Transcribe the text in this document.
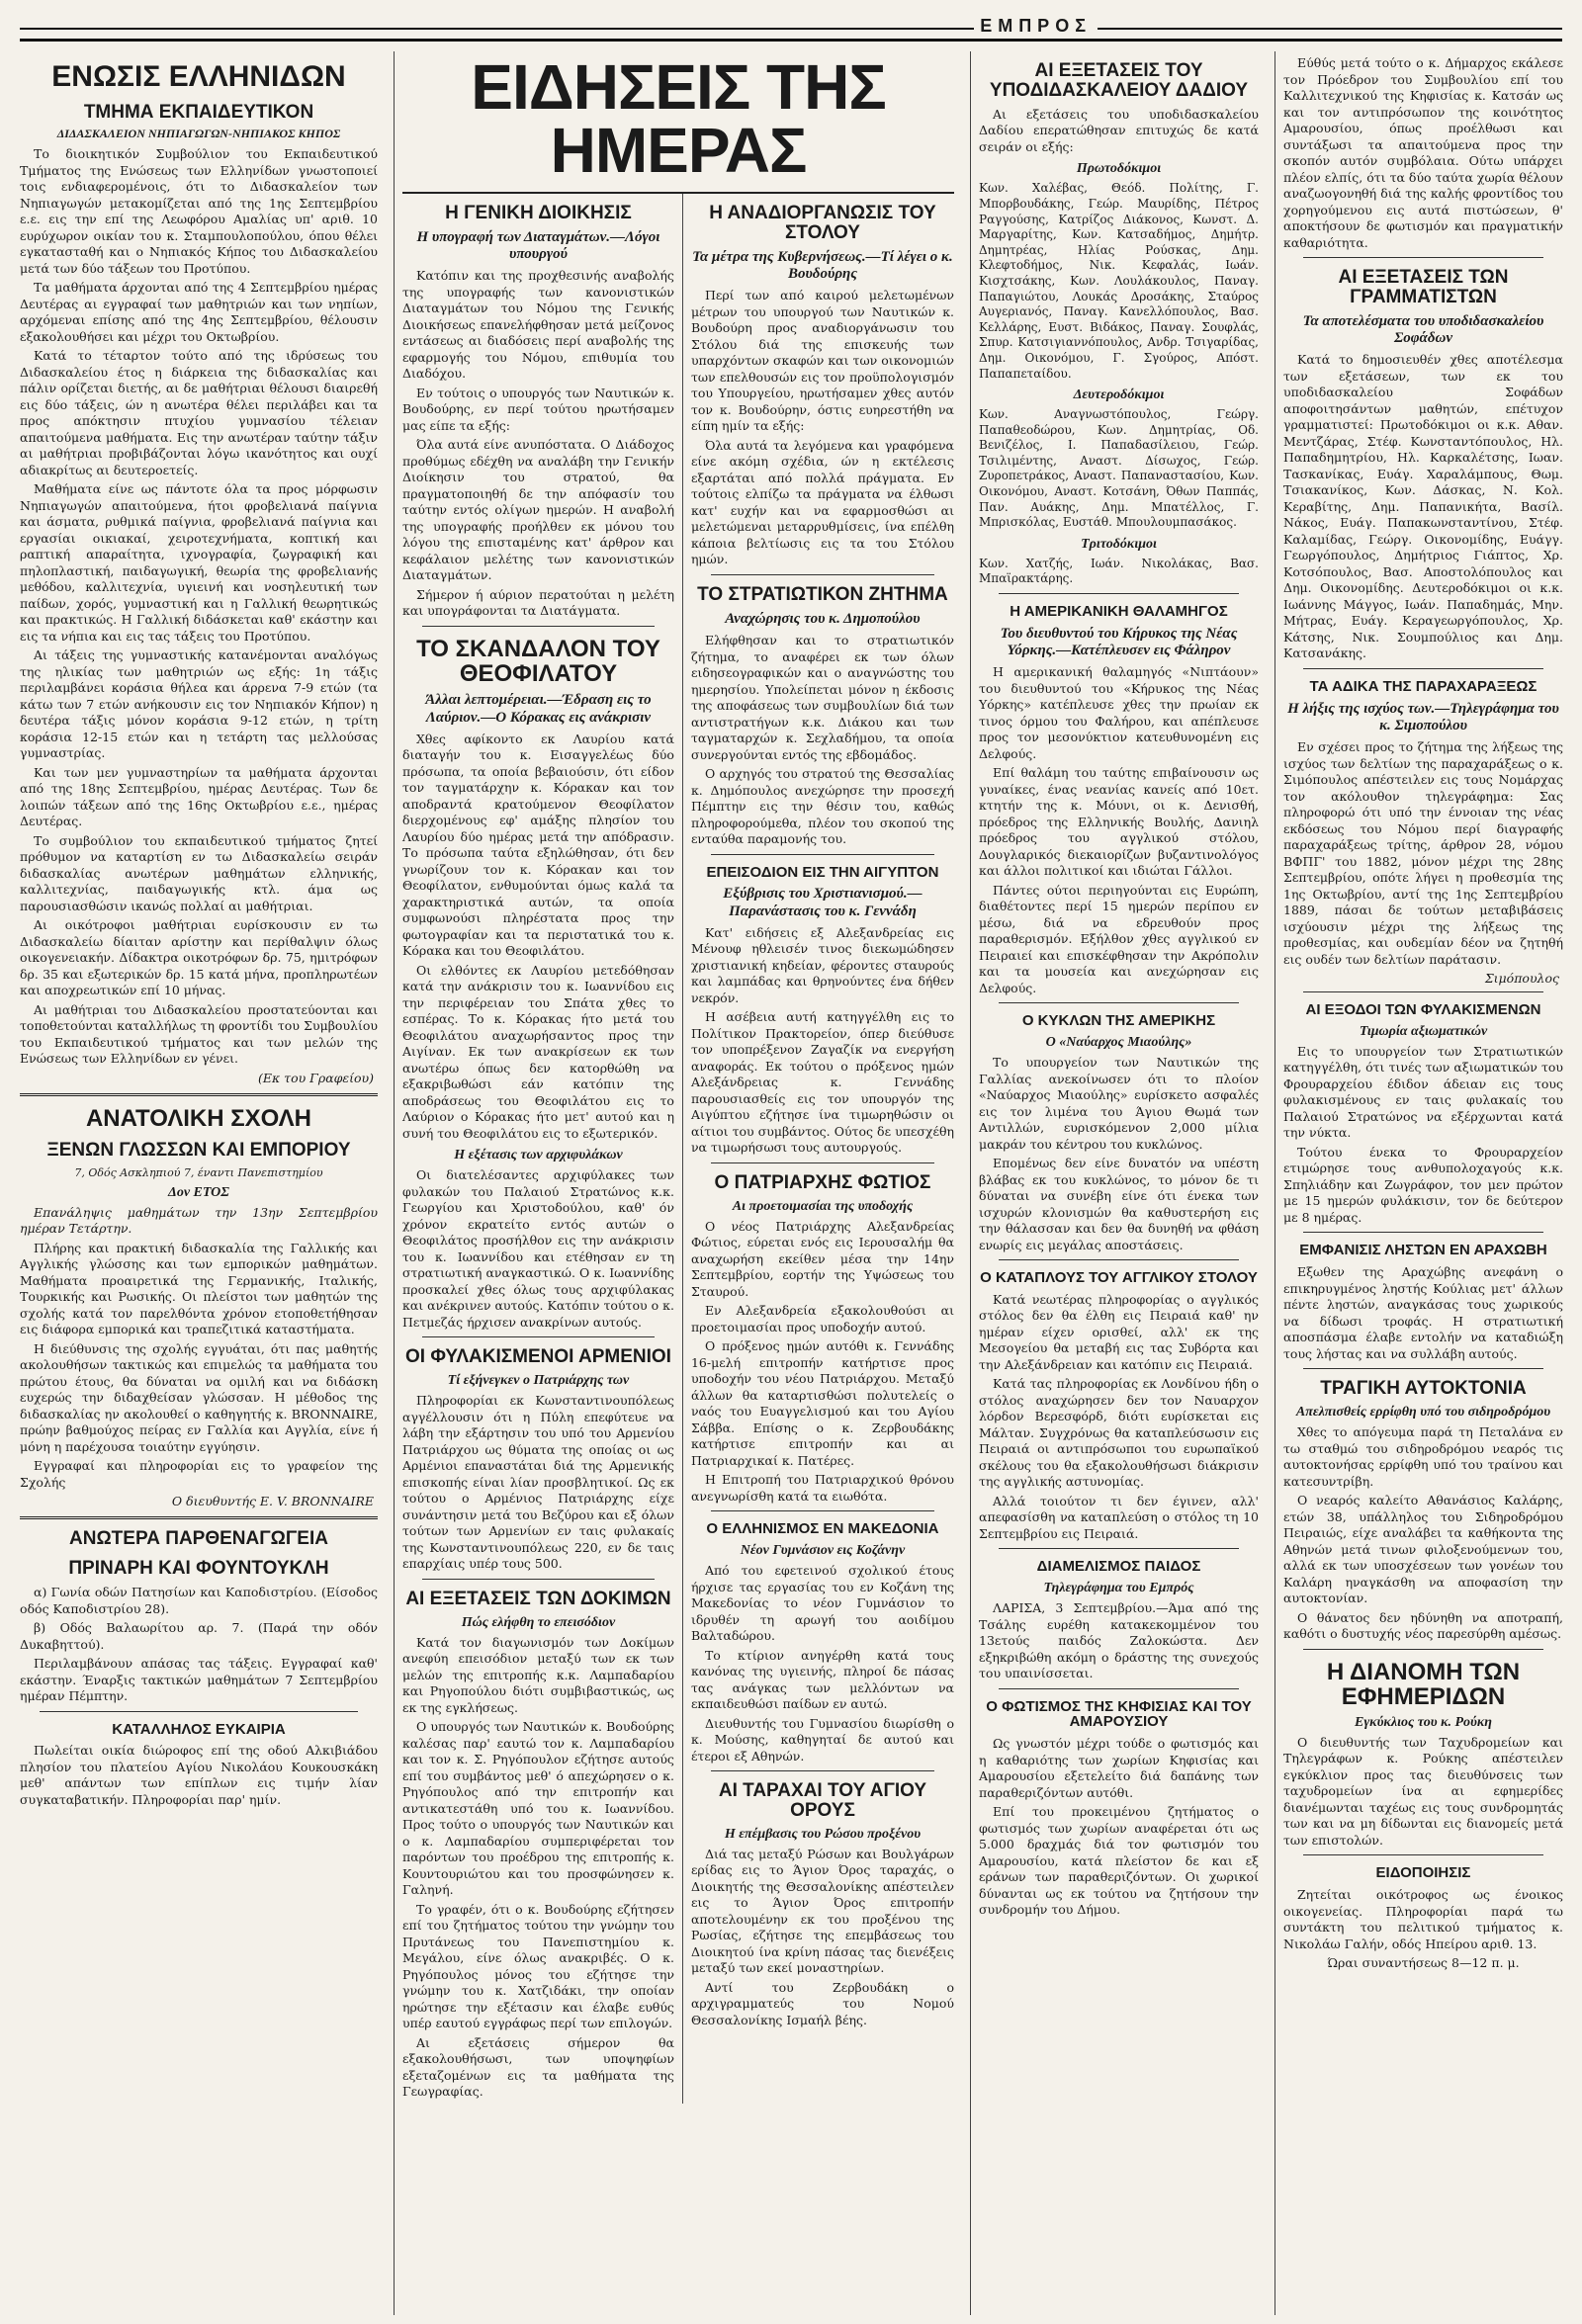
ΕΜΠΡΟΣ
ΕΝΩΣΙΣ ΕΛΛΗΝΙΔΩΝ
ΤΜΗΜΑ ΕΚΠΑΙΔΕΥΤΙΚΟΝ
ΔΙΔΑΣΚΑΛΕΙΟΝ ΝΗΠΙΑΓΩΓΩΝ-ΝΗΠΙΑΚΟΣ ΚΗΠΟΣ

Το διοικητικόν Συμβούλιον του Εκπαιδευτικού Τμήματος της Ενώσεως των Ελληνίδων γνωστοποιεί τοις ενδιαφερομένοις, ότι το Διδασκαλείον των Νηπιαγωγών μετακομίζεται από της 1ης Σεπτεμβρίου ε.ε. εις την επί της Λεωφόρου Αμαλίας υπ' αριθ. 10 ευρύχωρον οικίαν του κ. Σταμπουλοπούλου, όπου θέλει εγκατασταθή και ο Νηπιακός Κήπος του Διδασκαλείου μετά των δύο τάξεων του Προτύπου.

Τα μαθήματα άρχονται από της 4 Σεπτεμβρίου ημέρας Δευτέρας αι εγγραφαί των μαθητριών και των νηπίων, αρχόμεναι επίσης από της 4ης Σεπτεμβρίου, θέλουσιν εξακολουθήσει και μέχρι του Οκτωβρίου.

Κατά το τέταρτον τούτο από της ιδρύσεως του Διδασκαλείου έτος η διάρκεια της διδασκαλίας και πάλιν ορίζεται διετής, αι δε μαθήτριαι θέλουσι διαιρεθή εις δύο τάξεις, ών η ανωτέρα θέλει περιλάβει και τα προς απόκτησιν πτυχίου γυμνασίου τέλειαν απαιτούμενα μαθήματα. Εις την ανωτέραν ταύτην τάξιν αι μαθήτριαι προβιβάζονται λόγω ικανότητος και ουχί αδιακρίτως αι δευτεροετείς.

Μαθήματα είνε ως πάντοτε όλα τα προς μόρφωσιν Νηπιαγωγών απαιτούμενα, ήτοι φροβελιανά παίγνια και άσματα, ρυθμικά παίγνια, φροβελιανά παίγνια και εργασίαι οικιακαί, χειροτεχνήματα, κοπτική και ραπτική απαραίτητα, ιχνογραφία, ζωγραφική και πηλοπλαστική, παιδαγωγική, θεωρία της φροβελιανής μεθόδου, καλλιτεχνία, υγιεινή και νοσηλευτική των παίδων, χορός, γυμναστική και η Γαλλική θεωρητικώς και πρακτικώς. Η Γαλλική διδάσκεται καθ' εκάστην και εις τα νήπια και εις τας τάξεις του Προτύπου.

Αι τάξεις της γυμναστικής κατανέμονται αναλόγως της ηλικίας των μαθητριών ως εξής: 1η τάξις περιλαμβάνει κοράσια θήλεα και άρρενα 7-9 ετών (τα κάτω των 7 ετών ανήκουσιν εις τον Νηπιακόν Κήπον) η δευτέρα τάξις μόνον κοράσια 9-12 ετών, η τρίτη κοράσια 12-15 ετών και η τετάρτη τας μελλούσας γυμναστρίας.

Και των μεν γυμναστηρίων τα μαθήματα άρχονται από της 18ης Σεπτεμβρίου, ημέρας Δευτέρας. Των δε λοιπών τάξεων από της 16ης Οκτωβρίου ε.ε., ημέρας Δευτέρας.

Το συμβούλιον του εκπαιδευτικού τμήματος ζητεί πρόθυμον να καταρτίση εν τω Διδασκαλείω σειράν διδασκαλίας ανωτέρων μαθημάτων ελληνικής, καλλιτεχνίας, παιδαγωγικής κτλ. άμα ως παρουσιασθώσιν ικανώς πολλαί αι μαθήτριαι.

Αι οικότροφοι μαθήτριαι ευρίσκουσιν εν τω Διδασκαλείω δίαιταν αρίστην και περίθαλψιν όλως οικογενειακήν. Δίδακτρα οικοτρόφων δρ. 75, ημιτρόφων δρ. 35 και εξωτερικών δρ. 15 κατά μήνα, προπληρωτέων και αποχρεωτικών επί 10 μήνας.

Αι μαθήτριαι του Διδασκαλείου προστατεύονται και τοποθετούνται καταλλήλως τη φροντίδι του Συμβουλίου του Εκπαιδευτικού τμήματος και των μελών της Ενώσεως των Ελληνίδων εν γένει.

(Εκ του Γραφείου)

ΑΝΑΤΟΛΙΚΗ ΣΧΟΛΗ
ΞΕΝΩΝ ΓΛΩΣΣΩΝ ΚΑΙ ΕΜΠΟΡΙΟΥ

7, Οδός Ασκληπιού 7, έναντι Πανεπιστημίου

Δον ΕΤΟΣ

Επανάληψις μαθημάτων την 13ην Σεπτεμβρίου ημέραν Τετάρτην.

Πλήρης και πρακτική διδασκαλία της Γαλλικής και Αγγλικής γλώσσης και των εμπορικών μαθημάτων. Μαθήματα προαιρετικά της Γερμανικής, Ιταλικής, Τουρκικής και Ρωσικής. Οι πλείστοι των μαθητών της σχολής κατά τον παρελθόντα χρόνον ετοποθετήθησαν εις διάφορα εμπορικά και τραπεζιτικά καταστήματα.

Η διεύθυνσις της σχολής εγγυάται, ότι πας μαθητής ακολουθήσων τακτικώς και επιμελώς τα μαθήματα του πρώτου έτους, θα δύναται να ομιλή και να διδάσκη ευχερώς την διδαχθείσαν γλώσσαν. Η μέθοδος της διδασκαλίας ην ακολουθεί ο καθηγητής κ. BRONNAIRE, πρώην βαθμούχος πείρας εν Γαλλία και Αγγλία, είνε ή μόνη η παρέχουσα τοιαύτην εγγύησιν.

Εγγραφαί και πληροφορίαι εις το γραφείον της Σχολής

Ο διευθυντής E. V. BRONNAIRE

ΑΝΩΤΕΡΑ ΠΑΡΘΕΝΑΓΩΓΕΙΑ
ΠΡΙΝΑΡΗ ΚΑΙ ΦΟΥΝΤΟΥΚΛΗ

α) Γωνία οδών Πατησίων και Καποδιστρίου. (Είσοδος οδός Καποδιστρίου 28).

β) Οδός Βαλαωρίτου αρ. 7. (Παρά την οδόν Δυκαβηττού).

Περιλαμβάνουν απάσας τας τάξεις. Εγγραφαί καθ' εκάστην. Έναρξις τακτικών μαθημάτων 7 Σεπτεμβρίου ημέραν Πέμπτην.

ΚΑΤΑΛΛΗΛΟΣ ΕΥΚΑΙΡΙΑ

Πωλείται οικία διώροφος επί της οδού Αλκιβιάδου πλησίον του πλατείου Αγίου Νικολάου Κουκουσκάκη μεθ' απάντων των επίπλων εις τιμήν λίαν συγκαταβατικήν. Πληροφορίαι παρ' ημίν.

ΕΙΔΗΣΕΙΣ ΤΗΣ ΗΜΕΡΑΣ
Η ΓΕΝΙΚΗ ΔΙΟΙΚΗΣΙΣ
Η υπογραφή των Διαταγμάτων.—Λόγοι υπουργού

Κατόπιν και της προχθεσινής αναβολής της υπογραφής των κανονιστικών Διαταγμάτων του Νόμου της Γενικής Διοικήσεως επανελήφθησαν μετά μείζονος εντάσεως αι διαδόσεις περί αναβολής της εφαρμογής του Νόμου, επιθυμία του Διαδόχου.

Εν τούτοις ο υπουργός των Ναυτικών κ. Βουδούρης, εν περί τούτου ηρωτήσαμεν μας είπε τα εξής:

Όλα αυτά είνε ανυπόστατα. Ο Διάδοχος προθύμως εδέχθη να αναλάβη την Γενικήν Διοίκησιν του στρατού, θα πραγματοποιηθή δε την απόφασίν του ταύτην εντός ολίγων ημερών. Η αναβολή της υπογραφής προήλθεν εκ μόνου του λόγου της επισταμένης κατ' άρθρον και κεφάλαιον μελέτης των κανονιστικών Διαταγμάτων.

Σήμερον ή αύριον περατούται η μελέτη και υπογράφονται τα Διατάγματα.

ΤΟ ΣΚΑΝΔΑΛΟΝ ΤΟΥ ΘΕΟΦΙΛΑΤΟΥ
Άλλαι λεπτομέρειαι.—Έδραση εις το Λαύριον.—Ο Κόρακας εις ανάκρισιν

Χθες αφίκοντο εκ Λαυρίου κατά διαταγήν του κ. Εισαγγελέως δύο πρόσωπα, τα οποία βεβαιούσιν, ότι είδον τον ταγματάρχην κ. Κόρακαν και τον αποδραντά κρατούμενον Θεοφίλατον διερχομένους εφ' αμάξης πλησίον του Λαυρίου δύο ημέρας μετά την απόδρασιν. Το πρόσωπα ταύτα εξηλώθησαν, ότι δεν γνωρίζουν τον κ. Κόρακαν και τον Θεοφίλατον, ενθυμούνται όμως καλά τα χαρακτηριστικά αυτών, τα οποία συμφωνούσι πληρέστατα προς την φωτογραφίαν και τα περιστατικά του κ. Κόρακα και του Θεοφιλάτου.

Οι ελθόντες εκ Λαυρίου μετεδόθησαν κατά την ανάκρισιν του κ. Ιωαννίδου εις την περιφέρειαν του Σπάτα χθες το εσπέρας. Το κ. Κόρακας ήτο μετά του Θεοφιλάτου αναχωρήσαντος προς την Αιγίναν. Εκ των ανακρίσεων εκ των ανωτέρω όπως δεν κατορθώθη να εξακριβωθώσι εάν κατόπιν της αποδράσεως του Θεοφιλάτου εις το Λαύριον ο Κόρακας ήτο μετ' αυτού και η συνή του Θεοφιλάτου εις το εξωτερικόν.

Η εξέτασις των αρχιφυλάκων

Οι διατελέσαντες αρχιφύλακες των φυλακών του Παλαιού Στρατώνος κ.κ. Γεωργίου και Χριστοδούλου, καθ' όν χρόνον εκρατείτο εντός αυτών ο Θεοφιλάτος προσήλθον εις την ανάκρισιν του κ. Ιωαννίδου και ετέθησαν εν τη στρατιωτική αναγκαστικώ. Ο κ. Ιωαννίδης προσκαλεί χθες όλως τους αρχιφύλακας και ανέκρινεν αυτούς. Κατόπιν τούτου ο κ. Πετμεζάς ήρχισεν ανακρίνων αυτούς.

ΟΙ ΦΥΛΑΚΙΣΜΕΝΟΙ ΑΡΜΕΝΙΟΙ
Τί εξήνεγκεν ο Πατριάρχης των

Πληροφορίαι εκ Κωνσταντινουπόλεως αγγέλλουσιν ότι η Πύλη επεφύτευε να λάβη την εξάρτησιν του υπό του Αρμενίου Πατριάρχου ως θύματα της οποίας οι ως Αρμένιοι επαναστάται διά της Αρμενικής επισκοπής είναι λίαν προσβλητικοί. Ως εκ τούτου ο Αρμένιος Πατριάρχης είχε συνάντησιν μετά του Βεζύρου και εξ όλων τούτων των Αρμενίων εν ταις φυλακαίς της Κωνσταντινουπόλεως 220, εν δε ταις επαρχίαις υπέρ τους 500.

ΑΙ ΕΞΕΤΑΣΕΙΣ ΤΩΝ ΔΟΚΙΜΩΝ
Πώς ελήφθη το επεισόδιον

Κατά τον διαγωνισμόν των Δοκίμων ανεφύη επεισόδιον μεταξύ των εκ των μελών της επιτροπής κ.κ. Λαμπαδαρίου και Ρηγοπούλου διότι συμβιβαστικώς, ως εκ της εγκλήσεως.

Ο υπουργός των Ναυτικών κ. Βουδούρης καλέσας παρ' εαυτώ τον κ. Λαμπαδαρίου και τον κ. Σ. Ρηγόπουλον εζήτησε αυτούς επί του συμβάντος μεθ' ό απεχώρησεν ο κ. Ρηγόπουλος από την επιτροπήν και αντικατεστάθη υπό του κ. Ιωαννίδου. Προς τούτο ο υπουργός των Ναυτικών και ο κ. Λαμπαδαρίου συμπεριφέρεται τον παρόντων του προέδρου της επιτροπής κ. Κουντουριώτου και του προσφώνησεν κ. Γαληνή.

Το γραφέν, ότι ο κ. Βουδούρης εζήτησεν επί του ζητήματος τούτου την γνώμην του Πρυτάνεως του Πανεπιστημίου κ. Μεγάλου, είνε όλως ανακριβές. Ο κ. Ρηγόπουλος μόνος του εζήτησε την γνώμην του κ. Χατζιδάκι, την οποίαν ηρώτησε την εξέτασιν και έλαβε ευθύς υπέρ εαυτού εγγράφως περί των επιλογών.

Αι εξετάσεις σήμερον θα εξακολουθήσωσι, των υποψηφίων εξεταζομένων εις τα μαθήματα της Γεωγραφίας.

Η ΑΝΑΔΙΟΡΓΑΝΩΣΙΣ ΤΟΥ ΣΤΟΛΟΥ
Τα μέτρα της Κυβερνήσεως.—Τί λέγει ο κ. Βουδούρης

Περί των από καιρού μελετωμένων μέτρων του υπουργού των Ναυτικών κ. Βουδούρη προς αναδιοργάνωσιν του Στόλου διά της επισκευής των υπαρχόντων σκαφών και των οικονομιών των επελθουσών εις τον προϋπολογισμόν του Υπουργείου, ηρωτήσαμεν χθες αυτόν τον κ. Βουδούρην, όστις ευηρεστήθη να είπη ημίν τα εξής:

Όλα αυτά τα λεγόμενα και γραφόμενα είνε ακόμη σχέδια, ών η εκτέλεσις εξαρτάται από πολλά πράγματα. Εν τούτοις ελπίζω τα πράγματα να έλθωσι κατ' ευχήν και να εφαρμοσθώσι αι μελετώμεναι μεταρρυθμίσεις, ίνα επέλθη κάποια βελτίωσις εις τα του Στόλου ημών.

ΤΟ ΣΤΡΑΤΙΩΤΙΚΟΝ ΖΗΤΗΜΑ
Αναχώρησις του κ. Δημοπούλου

Ελήφθησαν και το στρατιωτικόν ζήτημα, το αναφέρει εκ των όλων ειδησεογραφικών και ο αναγνώστης του ημερησίου. Υπολείπεται μόνον η έκδοσις της αποφάσεως των συμβουλίων διά των αντιστρατήγων κ.κ. Διάκου και των ταγματαρχών κ. Σεχλαδήμου, τα οποία συνεργούνται εντός της εβδομάδος.

Ο αρχηγός του στρατού της Θεσσαλίας κ. Δημόπουλος ανεχώρησε την προσεχή Πέμπτην εις την θέσιν του, καθώς πληροφορούμεθα, πλέον του σκοπού της ενταύθα παραμονής του.

ΕΠΕΙΣΟΔΙΟΝ ΕΙΣ ΤΗΝ ΑΙΓΥΠΤΟΝ
Εξύβρισις του Χριστιανισμού.—Παρανάστασις του κ. Γεννάδη

Κατ' ειδήσεις εξ Αλεξανδρείας εις Μένουφ ηθλεισέν τινος διεκωμώδησεν χριστιανική κηδείαν, φέροντες σταυρούς και λαμπάδας και θρηνούντες ένα δήθεν νεκρόν.

Η ασέβεια αυτή κατηγγέλθη εις το Πολίτικον Πρακτορείον, όπερ διεύθυσε τον υποπρέξενον Ζαγαζίκ να ενεργήση αναφοράς. Εκ τούτου ο πρόξενος ημών Αλεξάνδρειας κ. Γεννάδης παρουσιασθείς εις τον υπουργόν της Αιγύπτου εζήτησε ίνα τιμωρηθώσιν οι αίτιοι του συμβάντος. Ούτος δε υπεσχέθη να τιμωρήσωσι τους αυτουργούς.

Ο ΠΑΤΡΙΑΡΧΗΣ ΦΩΤΙΟΣ
Αι προετοιμασίαι της υποδοχής

Ο νέος Πατριάρχης Αλεξανδρείας Φώτιος, εύρεται ενός εις Ιερουσαλήμ θα αναχωρήση εκείθεν μέσα την 14ην Σεπτεμβρίου, εορτήν της Υψώσεως του Σταυρού.

Εν Αλεξανδρεία εξακολουθούσι αι προετοιμασίαι προς υποδοχήν αυτού.

Ο πρόξενος ημών αυτόθι κ. Γεννάδης 16-μελή επιτροπήν κατήρτισε προς υποδοχήν του νέου Πατριάρχου. Μεταξύ άλλων θα καταρτισθώσι πολυτελείς ο ναός του Ευαγγελισμού και του Αγίου Σάββα. Επίσης ο κ. Ζερβουδάκης κατήρτισε επιτροπήν και αι Πατριαρχικαί κ. Πατέρες.

Η Επιτροπή του Πατριαρχικού θρόνου ανεγνωρίσθη κατά τα ειωθότα.

Ο ΕΛΛΗΝΙΣΜΟΣ ΕΝ ΜΑΚΕΔΟΝΙΑ
Νέον Γυμνάσιον εις Κοζάνην

Από του εφετεινού σχολικού έτους ήρχισε τας εργασίας του εν Κοζάνη της Μακεδονίας το νέον Γυμνάσιον το ιδρυθέν τη αρωγή του αοιδίμου Βαλταδώρου.

Το κτίριον ανηγέρθη κατά τους κανόνας της υγιεινής, πληροί δε πάσας τας ανάγκας των μελλόντων να εκπαιδευθώσι παίδων εν αυτώ.

Διευθυντής του Γυμνασίου διωρίσθη ο κ. Μούσης, καθηγηταί δε αυτού και έτεροι εξ Αθηνών.

ΑΙ ΤΑΡΑΧΑΙ ΤΟΥ ΑΓΙΟΥ ΟΡΟΥΣ
Η επέμβασις του Ρώσου προξένου

Διά τας μεταξύ Ρώσων και Βουλγάρων ερίδας εις το Άγιον Όρος ταραχάς, ο Διοικητής της Θεσσαλονίκης απέστειλεν εις το Άγιον Όρος επιτροπήν αποτελουμένην εκ του προξένου της Ρωσίας, εζήτησε της επεμβάσεως του Διοικητού ίνα κρίνη πάσας τας διενέξεις μεταξύ των εκεί μοναστηρίων.

Αντί του Ζερβουδάκη ο αρχιγραμματεύς του Νομού Θεσσαλονίκης Ισμαήλ βέης.

ΑΙ ΕΞΕΤΑΣΕΙΣ ΤΟΥ ΥΠΟΔΙΔΑΣΚΑΛΕΙΟΥ ΔΑΔΙΟΥ

Αι εξετάσεις του υποδιδασκαλείου Δαδίου επερατώθησαν επιτυχώς δε κατά σειράν οι εξής:

Πρωτοδόκιμοι

Κων. Χαλέβας, Θεόδ. Πολίτης, Γ. Μπορβουδάκης, Γεώρ. Μαυρίδης, Πέτρος Ραγγούσης, Κατρίζος Διάκονος, Κωνστ. Δ. Μαργαρίτης, Κων. Κατσαδήμος, Δημήτρ. Δημητρέας, Ηλίας Ρούσκας, Δημ. Κλεφτοδήμος, Νικ. Κεφαλάς, Ιωάν. Κισχτσάκης, Κων. Λουλάκουλος, Παναγ. Παπαγιώτου, Λουκάς Δροσάκης, Σταύρος Αυγεριανός, Παναγ. Κανελλόπουλος, Βασ. Κελλάρης, Ευστ. Βιδάκος, Παναγ. Σουφλάς, Σπυρ. Κατσιγιαννόπουλος, Ανδρ. Τσιγαρίδας, Δημ. Οικονόμου, Γ. Σγούρος, Απόστ. Παπαπεταίδου.

Δευτεροδόκιμοι

Κων. Αναγνωστόπουλος, Γεώργ. Παπαθεοδώρου, Κων. Δημητρίας, Οδ. Βενιζέλος, Ι. Παπαδασίλειου, Γεώρ. Τσιλιμέντης, Αναστ. Δίσωχος, Γεώρ. Ζυροπετράκος, Αναστ. Παπαναστασίου, Κων. Οικονόμου, Αναστ. Κοτσάνη, Όθων Παππάς, Παν. Αυάκης, Δημ. Μπατέλλος, Γ. Μπρισκόλας, Ευστάθ. Μπουλουμπασάκος.

Τριτοδόκιμοι

Κων. Χατζής, Ιωάν. Νικολάκας, Βασ. Μπαϊρακτάρης.

Η ΑΜΕΡΙΚΑΝΙΚΗ ΘΑΛΑΜΗΓΟΣ
Του διευθυντού του Κήρυκος της Νέας Υόρκης.—Κατέπλευσεν εις Φάληρον

Η αμερικανική θαλαμηγός «Νιπτάουν» του διευθυντού του «Κήρυκος της Νέας Υόρκης» κατέπλευσε χθες την πρωίαν εκ τινος όρμου του Φαλήρου, και απέπλευσε προς τον μεσονύκτιον κατευθυνομένη εις Δελφούς.

Επί θαλάμη του ταύτης επιβαίνουσιν ως γυναίκες, ένας νεανίας κανείς από 10ετ. κτητήν της κ. Μόυνι, οι κ. Δενισθή, πρόεδρος της Ελληνικής Βουλής, Δανιηλ πρόεδρος του αγγλικού στόλου, Δουγλαρικός διεκαιορίζων βυζαντινολόγος και άλλοι πολιτικοί και ιδιώται Γάλλοι.

Πάντες ούτοι περιηγούνται εις Ευρώπη, διαθέτοντες περί 15 ημερών περίπου εν μέσω, διά να εδρευθούν προς παραθερισμόν. Εξήλθον χθες αγγλικού εν Πειραιεί και επισκέφθησαν την Ακρόπολιν και τα μουσεία και ανεχώρησαν εις Δελφούς.

Ο ΚΥΚΛΩΝ ΤΗΣ ΑΜΕΡΙΚΗΣ
Ο «Ναύαρχος Μιαούλης»

Το υπουργείον των Ναυτικών της Γαλλίας ανεκοίνωσεν ότι το πλοίον «Ναύαρχος Μιαούλης» ευρίσκετο ασφαλές εις τον λιμένα του Άγιου Θωμά των Αντιλλών, ευρισκόμενον 2,000 μίλια μακράν του κέντρου του κυκλώνος.

Επομένως δεν είνε δυνατόν να υπέστη βλάβας εκ του κυκλώνος, το μόνον δε τι δύναται να συνέβη είνε ότι ένεκα των ισχυρών κλονισμών θα καθυστερήση εις την θάλασσαν και δεν θα δυνηθή να φθάση ενωρίς εις μεγάλας αποστάσεις.

Ο ΚΑΤΑΠΛΟΥΣ ΤΟΥ ΑΓΓΛΙΚΟΥ ΣΤΟΛΟΥ

Κατά νεωτέρας πληροφορίας ο αγγλικός στόλος δεν θα έλθη εις Πειραιά καθ' ην ημέραν είχεν ορισθεί, αλλ' εκ της Μεσογείου θα μεταβή εις τας Συβόρτα και την Αλεξάνδρειαν και κατόπιν εις Πειραιά.

Κατά τας πληροφορίας εκ Λονδίνου ήδη ο στόλος αναχώρησεν δεν τον Ναυαρχον λόρδον Βερεσφόρδ, διότι ευρίσκεται εις Μάλταν. Συγχρόνως θα καταπλεύσωσιν εις Πειραιά οι αντιπρόσωποι του ευρωπαϊκού σκέλους του θα εξακολουθήσωσι διάκρισιν της αγγλικής αστυνομίας.

Αλλά τοιούτον τι δεν έγινεν, αλλ' απεφασίσθη να καταπλεύση ο στόλος τη 10 Σεπτεμβρίου εις Πειραιά.

ΔΙΑΜΕΛΙΣΜΟΣ ΠΑΙΔΟΣ
Τηλεγράφημα του Εμπρός

ΛΑΡΙΣΑ, 3 Σεπτεμβρίου.—Άμα από της Τσάλης ευρέθη κατακεκομμένον του 13ετούς παιδός Ζαλοκώστα. Δεν εξηκριβώθη ακόμη ο δράστης της συνεχούς του υπαινίσσεται.

Ο ΦΩΤΙΣΜΟΣ ΤΗΣ ΚΗΦΙΣΙΑΣ ΚΑΙ ΤΟΥ ΑΜΑΡΟΥΣΙΟΥ

Ως γνωστόν μέχρι τούδε ο φωτισμός και η καθαριότης των χωρίων Κηφισίας και Αμαρουσίου εξετελείτο διά δαπάνης των παραθεριζόντων αυτόθι.

Επί του προκειμένου ζητήματος ο φωτισμός των χωρίων αναφέρεται ότι ως 5.000 δραχμάς διά τον φωτισμόν του Αμαρουσίου, κατά πλείστον δε και εξ εράνων των παραθεριζόντων. Οι χωρικοί δύνανται ως εκ τούτου να ζητήσουν την συνδρομήν του Δήμου.

Εύθύς μετά τούτο ο κ. Δήμαρχος εκάλεσε τον Πρόεδρον του Συμβουλίου επί του Καλλιτεχνικού της Κηφισίας κ. Κατσάν ως και τον αντιπρόσωπον της κοινότητος Αμαρουσίου, όπως προέλθωσι και συντάξωσι τα απαιτούμενα προς την σκοπόν αυτόν συμβόλαια. Ούτω υπάρχει πλέον ελπίς, ότι τα δύο ταύτα χωρία θέλουν αναζωογονηθή διά της καλής φροντίδος του χορηγούμενου εις αυτά πιστώσεων, θ' αποκτήσουν δε φωτισμόν και πραγματικήν καθαριότητα.

ΑΙ ΕΞΕΤΑΣΕΙΣ ΤΩΝ ΓΡΑΜΜΑΤΙΣΤΩΝ
Τα αποτελέσματα του υποδιδασκαλείου Σοφάδων

Κατά το δημοσιευθέν χθες αποτέλεσμα των εξετάσεων, των εκ του υποδιδασκαλείου Σοφάδων αποφοιτησάντων μαθητών, επέτυχον γραμματιστεί: Πρωτοδόκιμοι οι κ.κ. Αθαν. Μεντζάρας, Στέφ. Κωνσταντόπουλος, Ηλ. Παπαδημητρίου, Ηλ. Καρκαλέτσης, Ιωαν. Τασκανίκας, Ευάγ. Χαραλάμπους, Θωμ. Τσιακανίκος, Κων. Δάσκας, Ν. Κολ. Κεραβίτης, Δημ. Παπανικήτα, Βασίλ. Νάκος, Ευάγ. Παπακωνσταντίνου, Στέφ. Καλαμίδας, Γεώργ. Οικονομίδης, Ευάγγ. Γεωργόπουλος, Δημήτριος Γιάπτος, Χρ. Κοτσόπουλος, Βασ. Αποστολόπουλος και Δημ. Οικονομίδης. Δευτεροδόκιμοι οι κ.κ. Ιωάννης Μάγγος, Ιωάν. Παπαδημάς, Μην. Μήτρας, Ευάγ. Κεραγεωργόπουλος, Χρ. Κάτσης, Νικ. Σουμπούλιος και Δημ. Κατσανάκης.

ΤΑ ΑΔΙΚΑ ΤΗΣ ΠΑΡΑΧΑΡΑΞΕΩΣ
Η λήξις της ισχύος των.—Τηλεγράφημα του κ. Σιμοπούλου

Εν σχέσει προς το ζήτημα της λήξεως της ισχύος των δελτίων της παραχαράξεως ο κ. Σιμόπουλος απέστειλεν εις τους Νομάρχας τον ακόλουθον τηλεγράφημα: Σας πληροφορώ ότι υπό την έννοιαν της νέας εκδόσεως του Νόμου περί διαγραφής παραχαράξεως τρίτης, άρθρον 28, νόμου ΒΦΠΓ' του 1882, μόνον μέχρι της 28ης Σεπτεμβρίου, οπότε λήγει η προθεσμία της 1ης Οκτωβρίου, αντί της 1ης Σεπτεμβρίου 1889, πάσαι δε τούτων μεταβιβάσεις ισχύουσιν μέχρι της λήξεως της προθεσμίας, και ουδεμίαν δέον να ζητηθή εις ουδέν των δελτίων παράτασιν.

Σιμόπουλος

ΑΙ ΕΞΟΔΟΙ ΤΩΝ ΦΥΛΑΚΙΣΜΕΝΩΝ
Τιμωρία αξιωματικών

Εις το υπουργείον των Στρατιωτικών κατηγγέλθη, ότι τινές των αξιωματικών του Φρουραρχείου έδιδον άδειαν εις τους φυλακισμένους εν ταις φυλακαίς του Παλαιού Στρατώνος να εξέρχωνται κατά την νύκτα.

Τούτου ένεκα το Φρουραρχείον ετιμώρησε τους ανθυπολοχαγούς κ.κ. Σπηλιάδην και Ζωγράφον, τον μεν πρώτον με 15 ημερών φυλάκισιν, τον δε δεύτερον με 8 ημέρας.

ΕΜΦΑΝΙΣΙΣ ΛΗΣΤΩΝ ΕΝ ΑΡΑΧΩΒΗ

Εξωθεν της Αραχώβης ανεφάνη ο επικηρυγμένος ληστής Κούλιας μετ' άλλων πέντε ληστών, αναγκάσας τους χωρικούς να δίδωσι τροφάς. Η στρατιωτική αποσπάσμα έλαβε εντολήν να καταδιώξη τους λήστας και να συλλάβη αυτούς.

ΤΡΑΓΙΚΗ ΑΥΤΟΚΤΟΝΙΑ
Απελπισθείς ερρίφθη υπό του σιδηροδρόμου

Χθες το απόγευμα παρά τη Πεταλάνα εν τω σταθμώ του σιδηροδρόμου νεαρός τις αυτοκτονήσας ερρίφθη υπό του τραίνου και κατεσυντρίβη.

Ο νεαρός καλείτο Αθανάσιος Καλάρης, ετών 38, υπάλληλος του Σιδηροδρόμου Πειραιώς, είχε αναλάβει τα καθήκοντα της Αθηνών μετά τινων φιλοξενούμενων του, αλλά εκ των υποσχέσεων των γονέων του Καλάρη ηναγκάσθη να αποφασίση την αυτοκτονίαν.

Ο θάνατος δεν ηδύνηθη να αποτραπή, καθότι ο δυστυχής νέος παρεσύρθη αμέσως.

Η ΔΙΑΝΟΜΗ ΤΩΝ ΕΦΗΜΕΡΙΔΩΝ
Εγκύκλιος του κ. Ρούκη

Ο διευθυντής των Ταχυδρομείων και Τηλεγράφων κ. Ρούκης απέστειλεν εγκύκλιον προς τας διευθύνσεις των ταχυδρομείων ίνα αι εφημερίδες διανέμωνται ταχέως εις τους συνδρομητάς των και να μη δίδωνται εις διανομείς μετά των επιστολών.

ΕΙΔΟΠΟΙΗΣΙΣ

Ζητείται οικότροφος ως ένοικος οικογενείας. Πληροφορίαι παρά τω συντάκτη του πελιτικού τμήματος κ. Νικολάω Γαλήν, οδός Ηπείρου αριθ. 13.

Ώραι συναντήσεως 8—12 π. μ.
